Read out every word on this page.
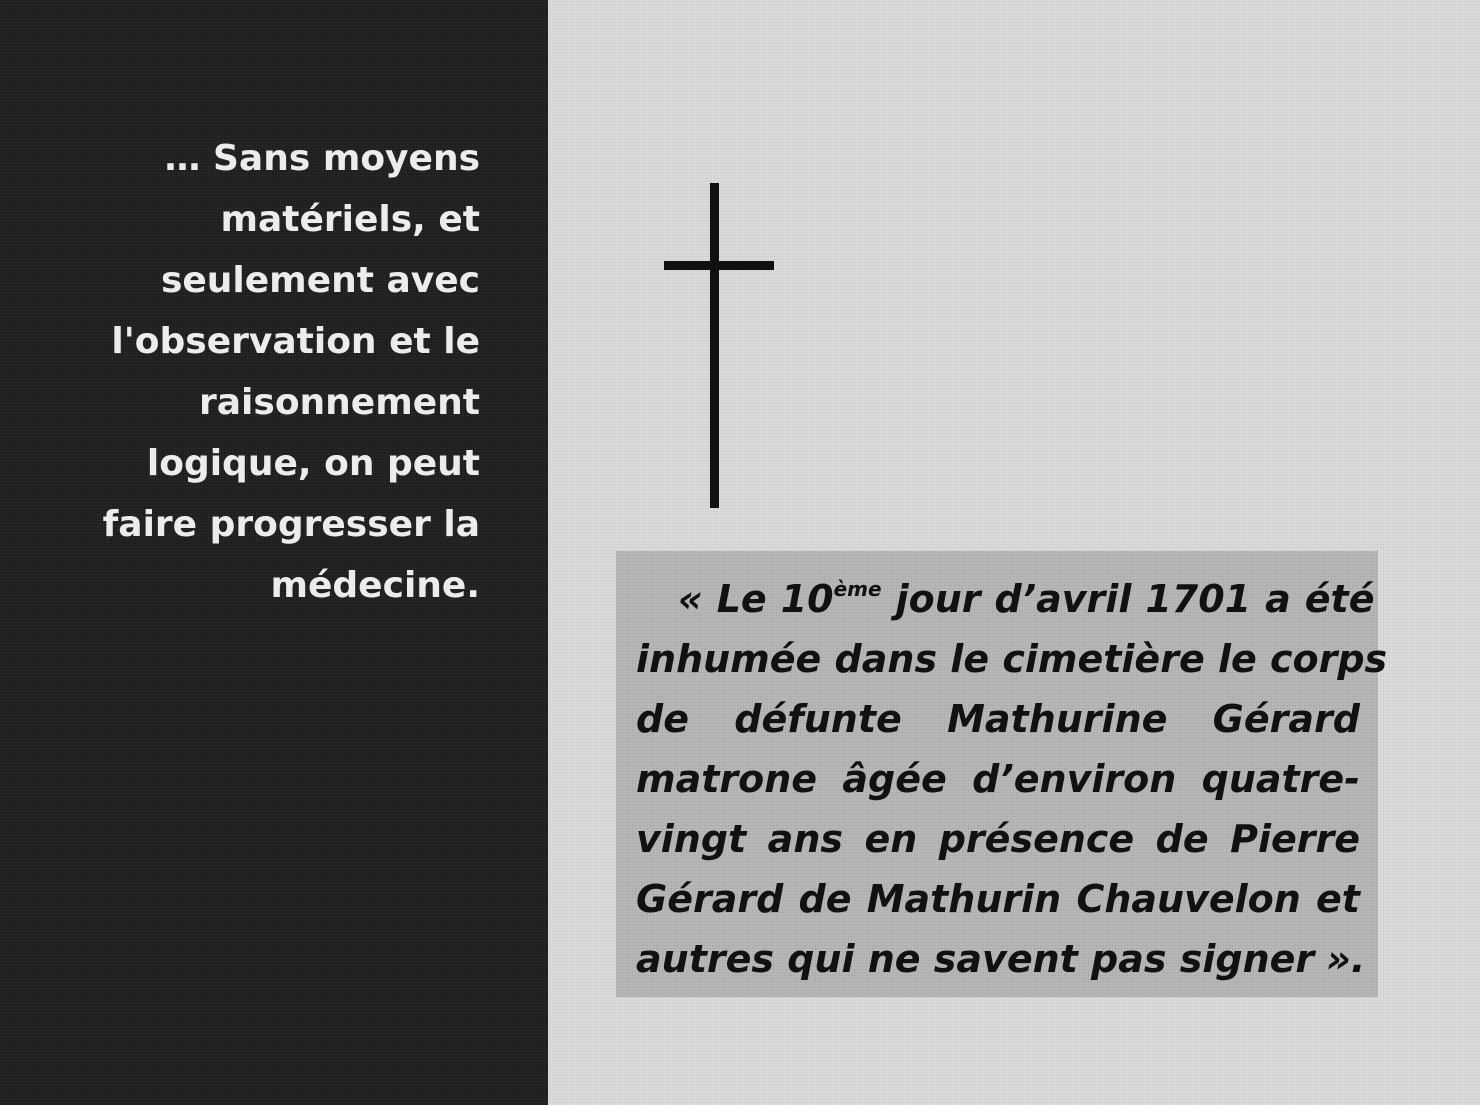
… Sans moyens
matériels, et
seulement avec
l'observation et le
raisonnement
logique, on peut
faire progresser la
médecine.	« Le 10ème jour d’avril 1701 a été
inhumée dans le cimetière le corps
de défunte Mathurine Gérard
matrone âgée d’environ quatre-
vingt ans en présence de Pierre
Gérard de Mathurin Chauvelon et
autres qui ne savent pas signer ».
